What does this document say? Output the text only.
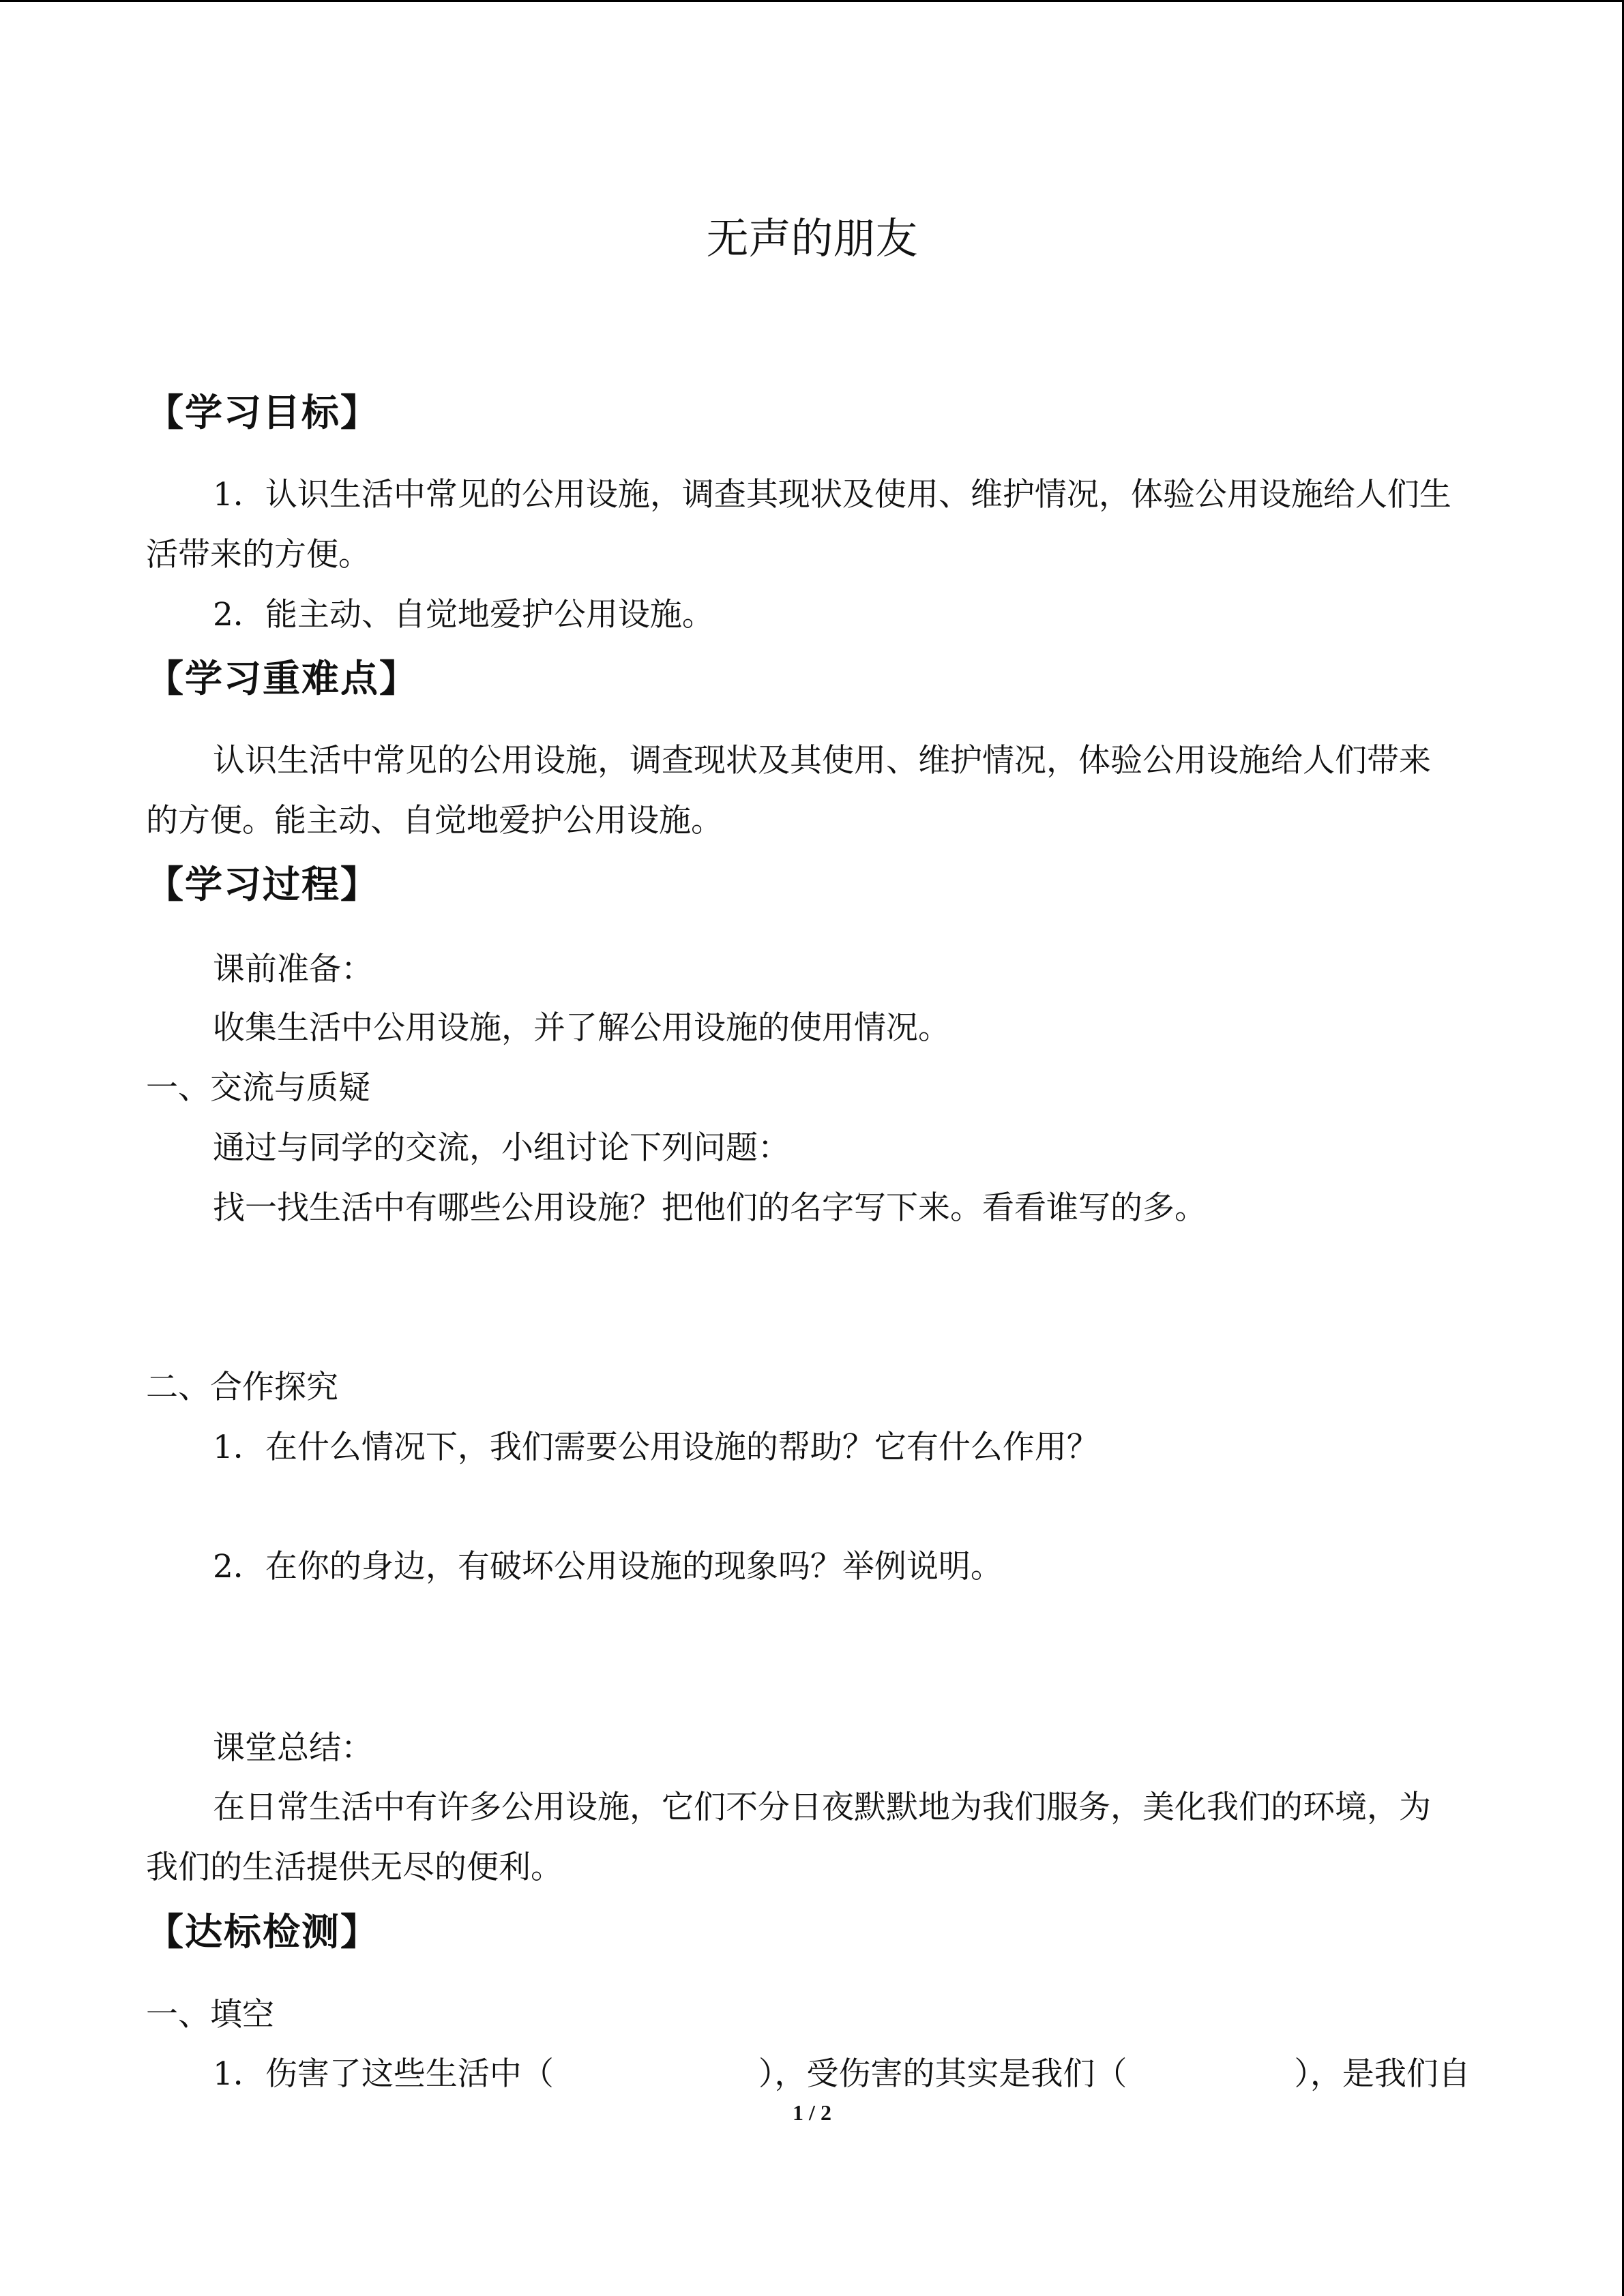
无声的朋友
【学习目标】
1．认识生活中常见的公用设施，调查其现状及使用、维护情况，体验公用设施给人们生
活带来的方便。
2．能主动、自觉地爱护公用设施。
【学习重难点】
认识生活中常见的公用设施，调查现状及其使用、维护情况，体验公用设施给人们带来
的方便。能主动、自觉地爱护公用设施。
【学习过程】
课前准备：
收集生活中公用设施，并了解公用设施的使用情况。
一、交流与质疑
通过与同学的交流，小组讨论下列问题：
找一找生活中有哪些公用设施？把他们的名字写下来。看看谁写的多。
二、合作探究
1．在什么情况下，我们需要公用设施的帮助？它有什么作用？
2．在你的身边，有破坏公用设施的现象吗？举例说明。
课堂总结：
在日常生活中有许多公用设施，它们不分日夜默默地为我们服务，美化我们的环境，为
我们的生活提供无尽的便利。
【达标检测】
一、填空
1．伤害了这些生活中（	），受伤害的其实是我们（	），是我们自
1 / 2
